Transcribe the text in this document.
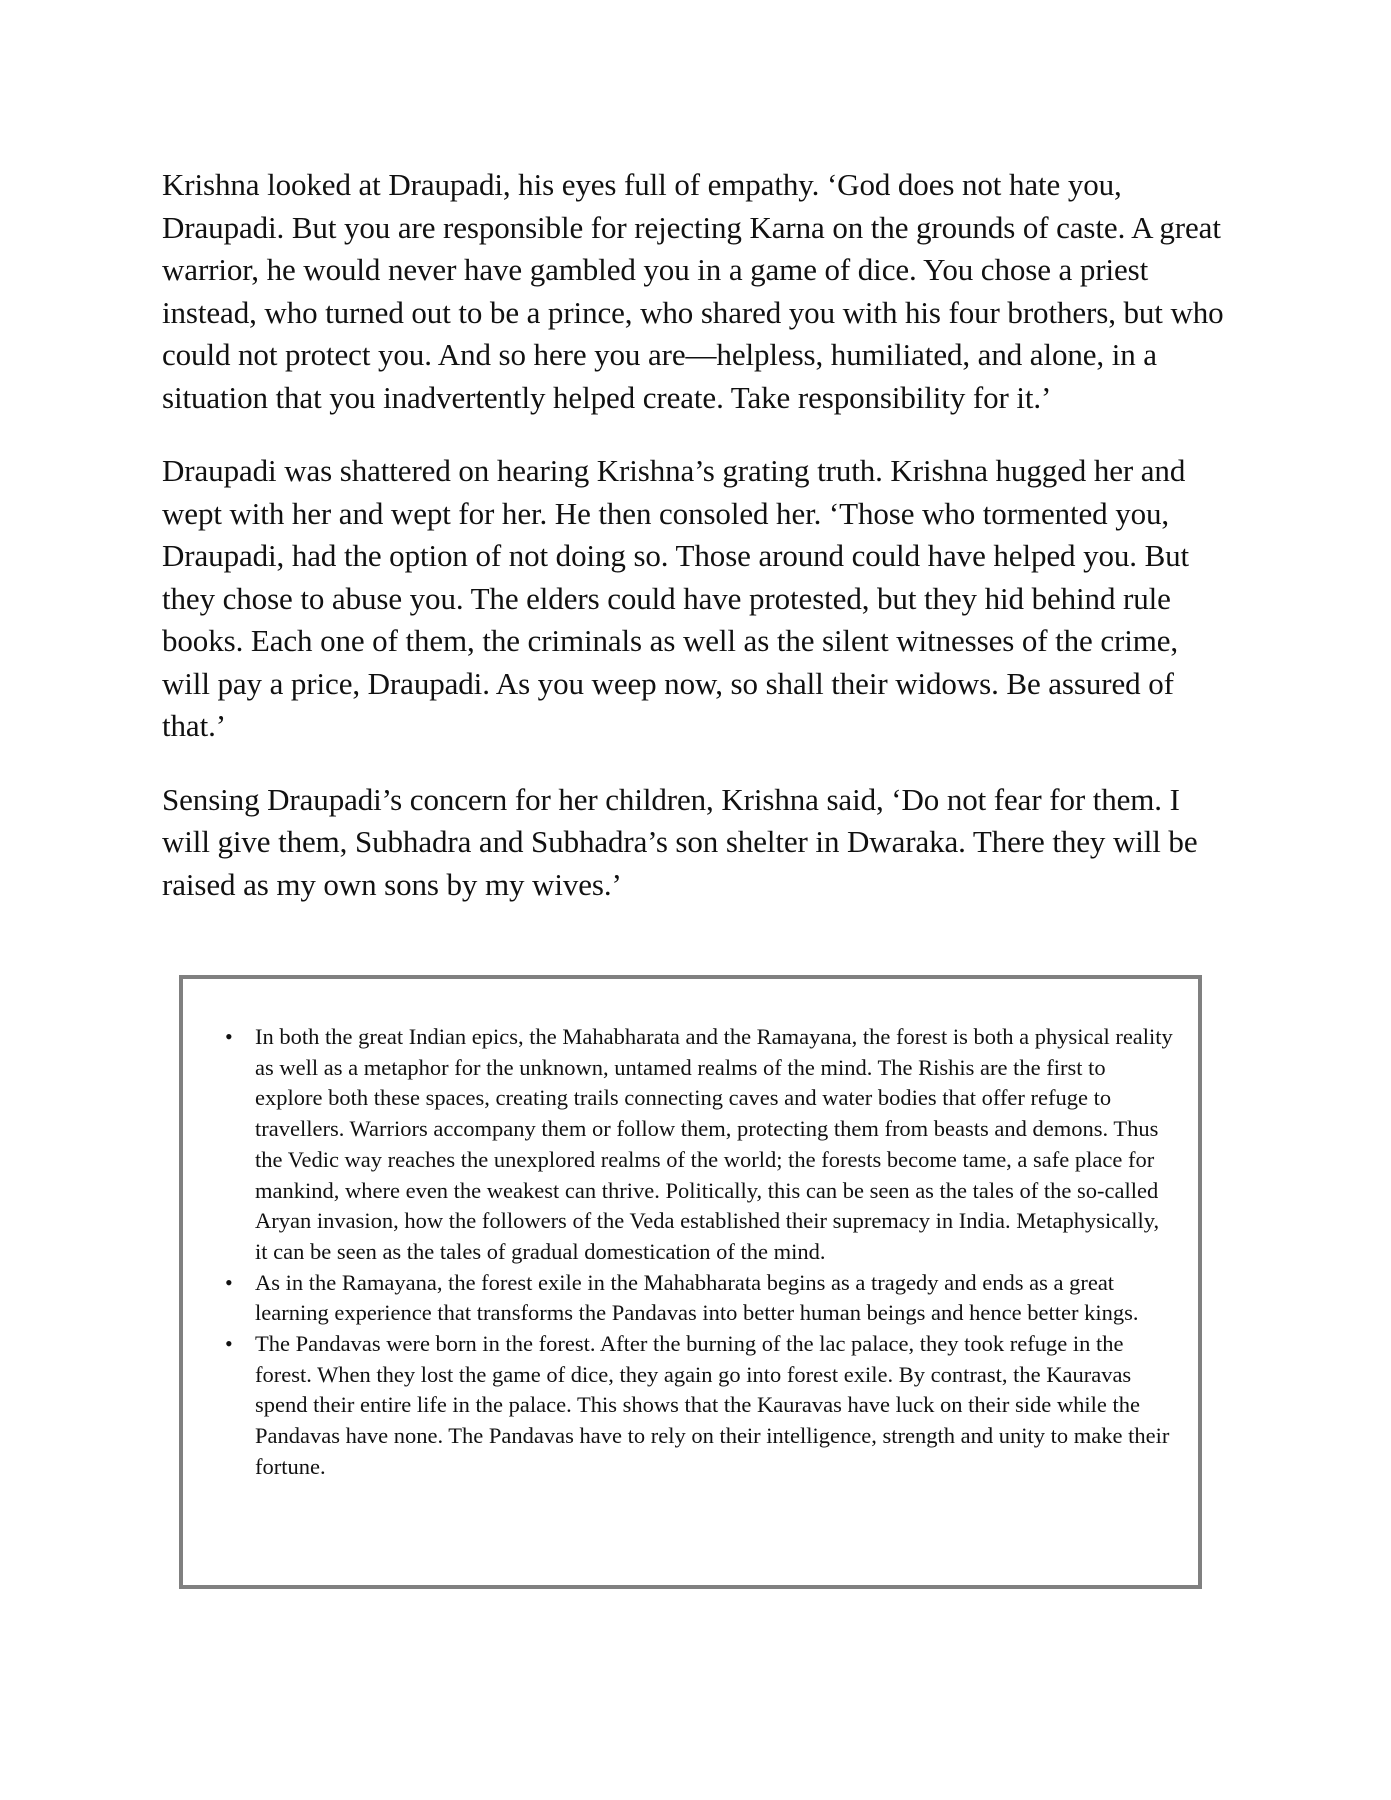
Krishna looked at Draupadi, his eyes full of empathy. ‘God does not hate you, Draupadi. But you are responsible for rejecting Karna on the grounds of caste. A great warrior, he would never have gambled you in a game of dice. You chose a priest instead, who turned out to be a prince, who shared you with his four brothers, but who could not protect you. And so here you are—helpless, humiliated, and alone, in a situation that you inadvertently helped create. Take responsibility for it.’

Draupadi was shattered on hearing Krishna’s grating truth. Krishna hugged her and wept with her and wept for her. He then consoled her. ‘Those who tormented you, Draupadi, had the option of not doing so. Those around could have helped you. But they chose to abuse you. The elders could have protested, but they hid behind rule books. Each one of them, the criminals as well as the silent witnesses of the crime, will pay a price, Draupadi. As you weep now, so shall their widows. Be assured of that.’

Sensing Draupadi’s concern for her children, Krishna said, ‘Do not fear for them. I will give them, Subhadra and Subhadra’s son shelter in Dwaraka. There they will be raised as my own sons by my wives.’

• In both the great Indian epics, the Mahabharata and the Ramayana, the forest is both a physical reality as well as a metaphor for the unknown, untamed realms of the mind. The Rishis are the first to explore both these spaces, creating trails connecting caves and water bodies that offer refuge to travellers. Warriors accompany them or follow them, protecting them from beasts and demons. Thus the Vedic way reaches the unexplored realms of the world; the forests become tame, a safe place for mankind, where even the weakest can thrive. Politically, this can be seen as the tales of the so-called Aryan invasion, how the followers of the Veda established their supremacy in India. Metaphysically, it can be seen as the tales of gradual domestication of the mind.
• As in the Ramayana, the forest exile in the Mahabharata begins as a tragedy and ends as a great learning experience that transforms the Pandavas into better human beings and hence better kings.
• The Pandavas were born in the forest. After the burning of the lac palace, they took refuge in the forest. When they lost the game of dice, they again go into forest exile. By contrast, the Kauravas spend their entire life in the palace. This shows that the Kauravas have luck on their side while the Pandavas have none. The Pandavas have to rely on their intelligence, strength and unity to make their fortune.
